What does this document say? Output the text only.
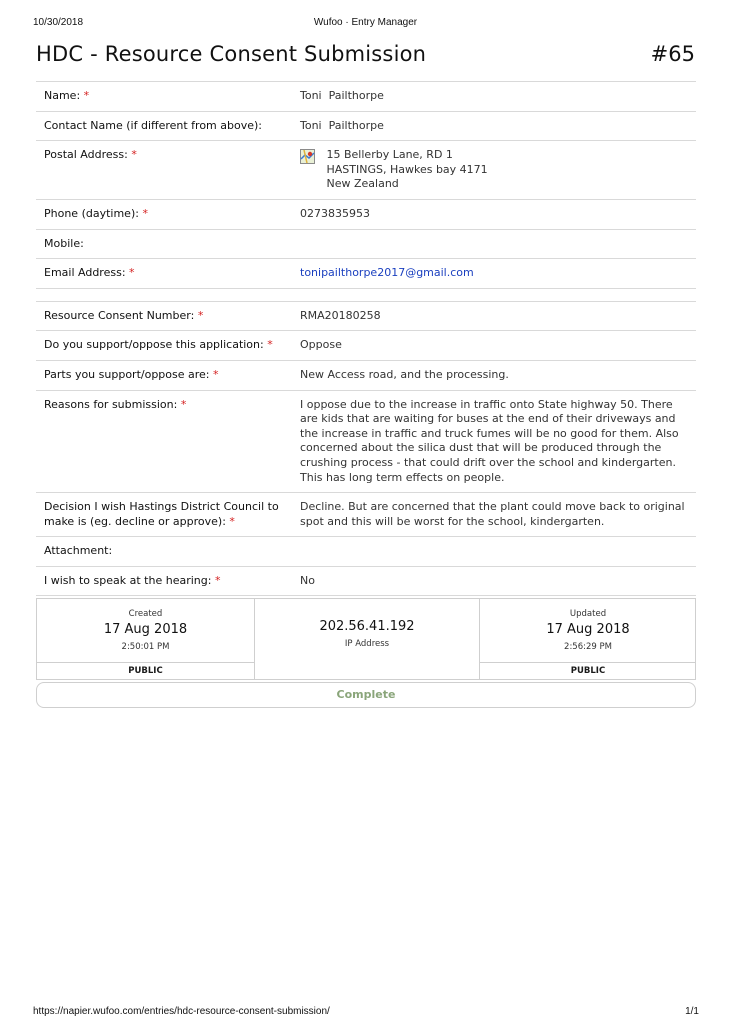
10/30/2018	Wufoo · Entry Manager
HDC - Resource Consent Submission	#65
Name: *	Toni  Pailthorpe
Contact Name (if different from above):	Toni  Pailthorpe
Postal Address: *	15 Bellerby Lane, RD 1
HASTINGS, Hawkes bay 4171
New Zealand
Phone (daytime): *	0273835953
Mobile:	
Email Address: *	tonipailthorpe2017@gmail.com

Resource Consent Number: *	RMA20180258
Do you support/oppose this application: *	Oppose
Parts you support/oppose are: *	New Access road, and the processing.
Reasons for submission: *	I oppose due to the increase in traffic onto State highway 50. There are kids that are waiting for buses at the end of their driveways and the increase in traffic and truck fumes will be no good for them. Also concerned about the silica dust that will be produced through the crushing process - that could drift over the school and kindergarten. This has long term effects on people.
Decision I wish Hastings District Council to make is (eg. decline or approve): *	Decline. But are concerned that the plant could move back to original spot and this will be worst for the school, kindergarten.
Attachment:	
I wish to speak at the hearing: *	No
Created
17 Aug 2018
2:50:01 PM
PUBLIC
202.56.41.192
IP Address
Updated
17 Aug 2018
2:56:29 PM
PUBLIC
Complete
https://napier.wufoo.com/entries/hdc-resource-consent-submission/	1/1
